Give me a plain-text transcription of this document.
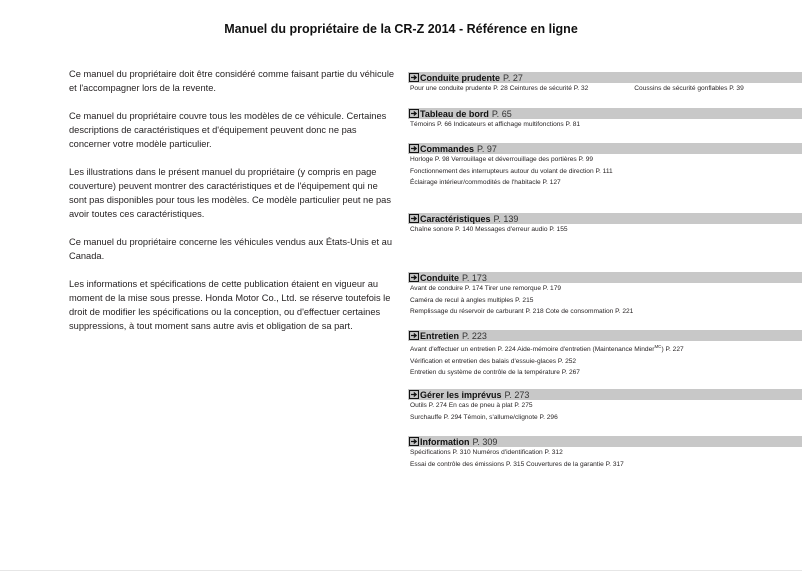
Manuel du propriétaire de la CR-Z 2014 - Référence en ligne

Ce manuel du propriétaire doit être considéré comme faisant partie du véhicule et l'accompagner lors de la revente.

Ce manuel du propriétaire couvre tous les modèles de ce véhicule. Certaines descriptions de caractéristiques et d'équipement peuvent donc ne pas concerner votre modèle particulier.

Les illustrations dans le présent manuel du propriétaire (y compris en page couverture) peuvent montrer des caractéristiques et de l'équipement qui ne sont pas disponibles pour tous les modèles. Ce modèle particulier peut ne pas avoir toutes ces caractéristiques.

Ce manuel du propriétaire concerne les véhicules vendus aux États-Unis et au Canada.

Les informations et spécifications de cette publication étaient en vigueur au moment de la mise sous presse. Honda Motor Co., Ltd. se réserve toutefois le droit de modifier les spécifications ou la conception, ou d'effectuer certaines suppressions, à tout moment sans autre avis et obligation de sa part.

Conduite prudente P. 27
Pour une conduite prudente P. 28 Ceintures de sécurité P. 32	Coussins de sécurité gonflables P. 39
Tableau de bord P. 65
Témoins P. 66 Indicateurs et affichage multifonctions P. 81
Commandes P. 97
Horloge P. 98 Verrouillage et déverrouillage des portières P. 99
Fonctionnement des interrupteurs autour du volant de direction P. 111
Éclairage intérieur/commodités de l'habitacle P. 127
Caractéristiques P. 139
Chaîne sonore P. 140 Messages d'erreur audio P. 155
Conduite P. 173
Avant de conduire P. 174 Tirer une remorque P. 179
Caméra de recul à angles multiples P. 215
Remplissage du réservoir de carburant P. 218 Cote de consommation P. 221
Entretien P. 223
Avant d'effectuer un entretien P. 224 Aide-mémoire d'entretien (Maintenance Minder$^{MC}$) P. 227
Vérification et entretien des balais d'essuie-glaces P. 252
Entretien du système de contrôle de la température P. 267
Gérer les imprévus P. 273
Outils P. 274 En cas de pneu à plat P. 275
Surchauffe P. 294 Témoin, s'allume/clignote P. 296
Information P. 309
Spécifications P. 310 Numéros d'identification P. 312
Essai de contrôle des émissions P. 315 Couvertures de la garantie P. 317
